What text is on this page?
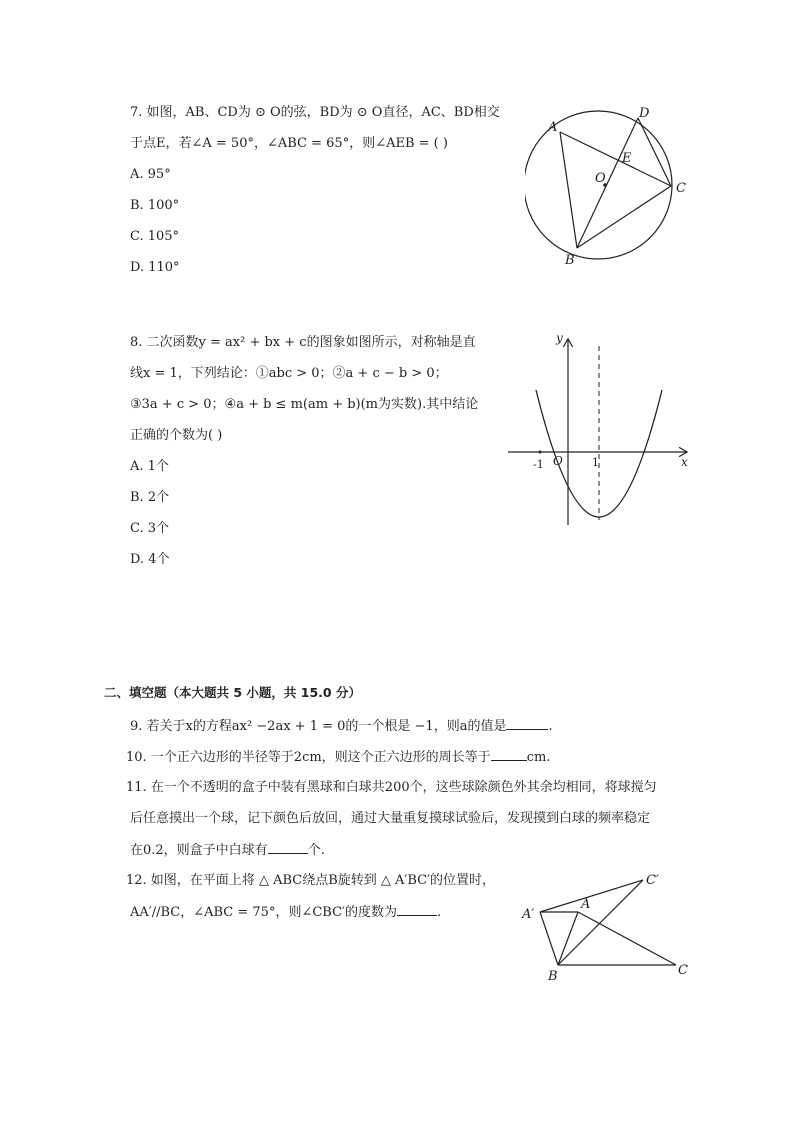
7. 如图，AB、CD为 ⊙ O的弦，BD为 ⊙ O直径，AC、BD相交
于点E，若∠A = 50°，∠ABC = 65°，则∠AEB = ( )
A. 95°
B. 100°
C. 105°
D. 110°
A
B
C
D
E
O
8. 二次函数y = ax² + bx + c的图象如图所示，对称轴是直
线x = 1，下列结论：①abc > 0；②a + c − b > 0；
③3a + c > 0；④a + b ≤ m(am + b)(m为实数).其中结论
正确的个数为( )
A. 1个
B. 2个
C. 3个
D. 4个
y
x
O
-1	1
二、填空题（本大题共 5 小题，共 15.0 分）
9. 若关于x的方程ax² −2ax + 1 = 0的一个根是 −1，则a的值是	.
10. 一个正六边形的半径等于2cm，则这个正六边形的周长等于	cm.
11. 在一个不透明的盒子中装有黑球和白球共200个，这些球除颜色外其余均相同，将球搅匀
后任意摸出一个球，记下颜色后放回，通过大量重复摸球试验后，发现摸到白球的频率稳定
在0.2，则盒子中白球有	个.
12. 如图，在平面上将 △ ABC绕点B旋转到 △ A′BC′的位置时，
AA′//BC，∠ABC = 75°，则∠CBC′的度数为	.	A′
A
B	C
C′
